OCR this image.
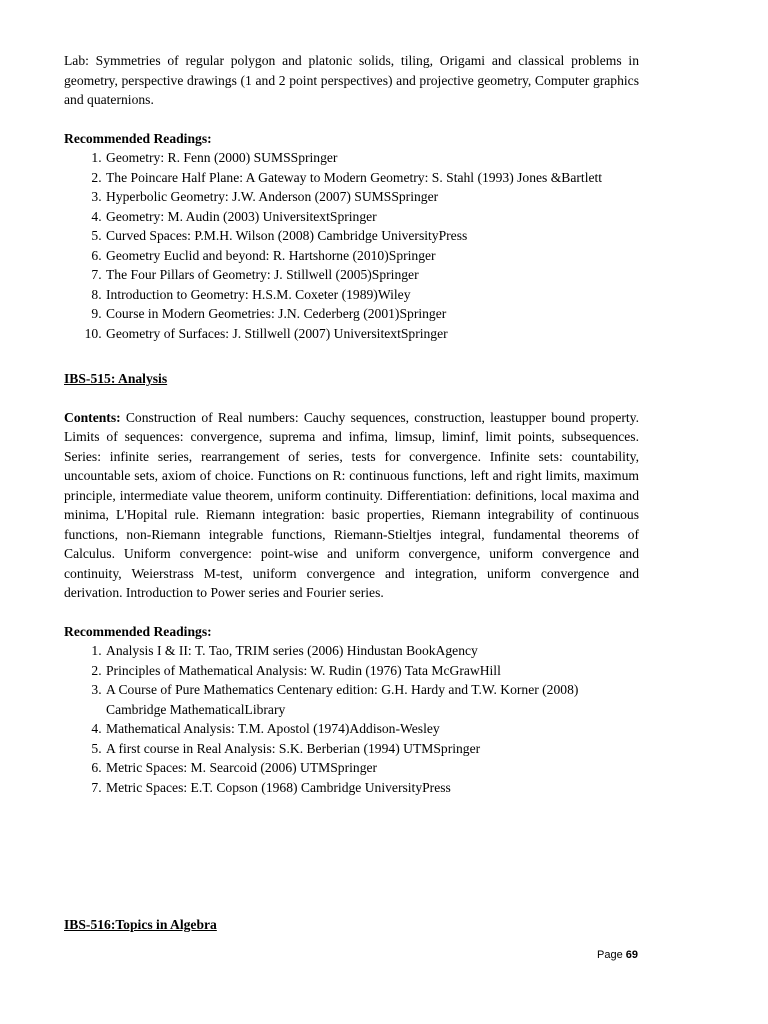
Lab: Symmetries of regular polygon and platonic solids, tiling, Origami and classical problems in geometry, perspective drawings (1 and 2 point perspectives) and projective geometry, Computer graphics and quaternions.

Recommended Readings:
1. Geometry: R. Fenn (2000) SUMSSpringer
2. The Poincare Half Plane: A Gateway to Modern Geometry: S. Stahl (1993) Jones &Bartlett
3. Hyperbolic Geometry: J.W. Anderson (2007) SUMSSpringer
4. Geometry: M. Audin (2003) UniversitextSpringer
5. Curved Spaces: P.M.H. Wilson (2008) Cambridge UniversityPress
6. Geometry Euclid and beyond: R. Hartshorne (2010)Springer
7. The Four Pillars of Geometry: J. Stillwell (2005)Springer
8. Introduction to Geometry: H.S.M. Coxeter (1989)Wiley
9. Course in Modern Geometries: J.N. Cederberg (2001)Springer
10. Geometry of Surfaces: J. Stillwell (2007) UniversitextSpringer
IBS-515: Analysis

Contents: Construction of Real numbers: Cauchy sequences, construction, leastupper bound property. Limits of sequences: convergence, suprema and infima, limsup, liminf, limit points, subsequences. Series: infinite series, rearrangement of series, tests for convergence. Infinite sets: countability, uncountable sets, axiom of choice. Functions on R: continuous functions, left and right limits, maximum principle, intermediate value theorem, uniform continuity. Differentiation: definitions, local maxima and minima, L'Hopital rule. Riemann integration: basic properties, Riemann integrability of continuous functions, non-Riemann integrable functions, Riemann-Stieltjes integral, fundamental theorems of Calculus. Uniform convergence: point-wise and uniform convergence, uniform convergence and continuity, Weierstrass M-test, uniform convergence and integration, uniform convergence and derivation. Introduction to Power series and Fourier series.

Recommended Readings:
1. Analysis I & II: T. Tao, TRIM series (2006) Hindustan BookAgency
2. Principles of Mathematical Analysis: W. Rudin (1976) Tata McGrawHill
3. A Course of Pure Mathematics Centenary edition: G.H. Hardy and T.W. Korner (2008) Cambridge MathematicalLibrary
4. Mathematical Analysis: T.M. Apostol (1974)Addison-Wesley
5. A first course in Real Analysis: S.K. Berberian (1994) UTMSpringer
6. Metric Spaces: M. Searcoid (2006) UTMSpringer
7. Metric Spaces: E.T. Copson (1968) Cambridge UniversityPress
IBS-516:Topics in Algebra
Page 69
